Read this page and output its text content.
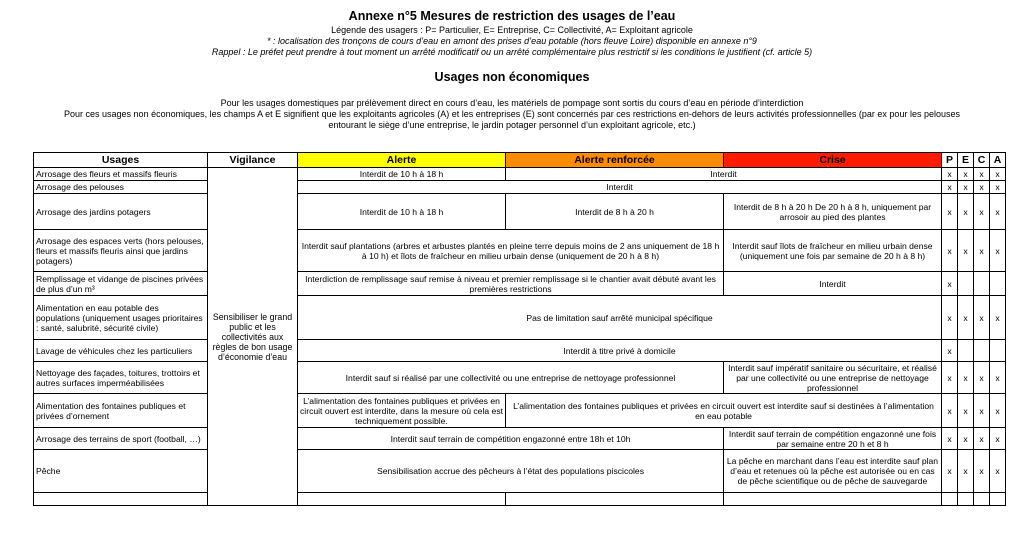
Annexe n°5 Mesures de restriction des usages de l’eau
Légende des usagers : P= Particulier, E= Entreprise, C= Collectivité, A= Exploitant agricole
* : localisation des tronçons de cours d’eau en amont des prises d’eau potable (hors fleuve Loire) disponible en annexe n°9
Rappel : Le préfet peut prendre à tout moment un arrêté modificatif ou un arrêté complémentaire plus restrictif si les conditions le justifient (cf. article 5)
Usages non économiques
Pour les usages domestiques par prélèvement direct en cours d’eau, les matériels de pompage sont sortis du cours d’eau en période d’interdiction
Pour ces usages non économiques, les champs A et E signifient que les exploitants agricoles (A) et les entreprises (E) sont concernés par ces restrictions en-dehors de leurs activités professionnelles (par ex pour les pelouses
entourant le siège d’une entreprise, le jardin potager personnel d’un exploitant agricole, etc.)
Usages	Vigilance	Alerte	Alerte renforcée	Crise	P	E	C	A
Arrosage des fleurs et massifs fleuris	Sensibiliser le grand public et les collectivités aux règles de bon usage d’économie d’eau	Interdit de 10 h à 18 h	Interdit		x	x	x	x
Arrosage des pelouses		Interdit			x	x	x	x
Arrosage des jardins potagers		Interdit de 10 h à 18 h	Interdit de 8 h à 20 h	Interdit de 8 h à 20 h De 20 h à 8 h, uniquement par arrosoir au pied des plantes	x	x	x	x
Arrosage des espaces verts (hors pelouses, fleurs et massifs fleuris ainsi que jardins potagers)		Interdit sauf plantations (arbres et arbustes plantés en pleine terre depuis moins de 2 ans uniquement de 18 h à 10 h) et îlots de fraîcheur en milieu urbain dense (uniquement de 20 h à 8 h)		Interdit sauf îlots de fraîcheur en milieu urbain dense (uniquement une fois par semaine de 20 h à 8 h)	x	x	x	x
Remplissage et vidange de piscines privées de plus d’un m³		Interdiction de remplissage sauf remise à niveau et premier remplissage si le chantier avait débuté avant les premières restrictions		Interdit	x			
Alimentation en eau potable des populations (uniquement usages prioritaires : santé, salubrité, sécurité civile)		Pas de limitation sauf arrêté municipal spécifique			x	x	x	x
Lavage de véhicules chez les particuliers		Interdit à titre privé à domicile			x			
Nettoyage des façades, toitures, trottoirs et autres surfaces imperméabilisées		Interdit sauf si réalisé par une collectivité ou une entreprise de nettoyage professionnel		Interdit sauf impératif sanitaire ou sécuritaire, et réalisé par une collectivité ou une entreprise de nettoyage professionnel	x	x	x	x
Alimentation des fontaines publiques et privées d’ornement		L’alimentation des fontaines publiques et privées en circuit ouvert est interdite, dans la mesure où cela est techniquement possible.	L’alimentation des fontaines publiques et privées en circuit ouvert est interdite sauf si destinées à l’alimentation en eau potable		x	x	x	x
Arrosage des terrains de sport (football, …)		Interdit sauf terrain de compétition engazonné entre 18h et 10h		Interdit sauf terrain de compétition engazonné une fois par semaine entre 20 h et 8 h	x	x	x	x
Pêche		Sensibilisation accrue des pêcheurs à l’état des populations piscicoles		La pêche en marchant dans l’eau est interdite sauf plan d’eau et retenues où la pêche est autorisée ou en cas de pêche scientifique ou de pêche de sauvegarde	x	x	x	x
